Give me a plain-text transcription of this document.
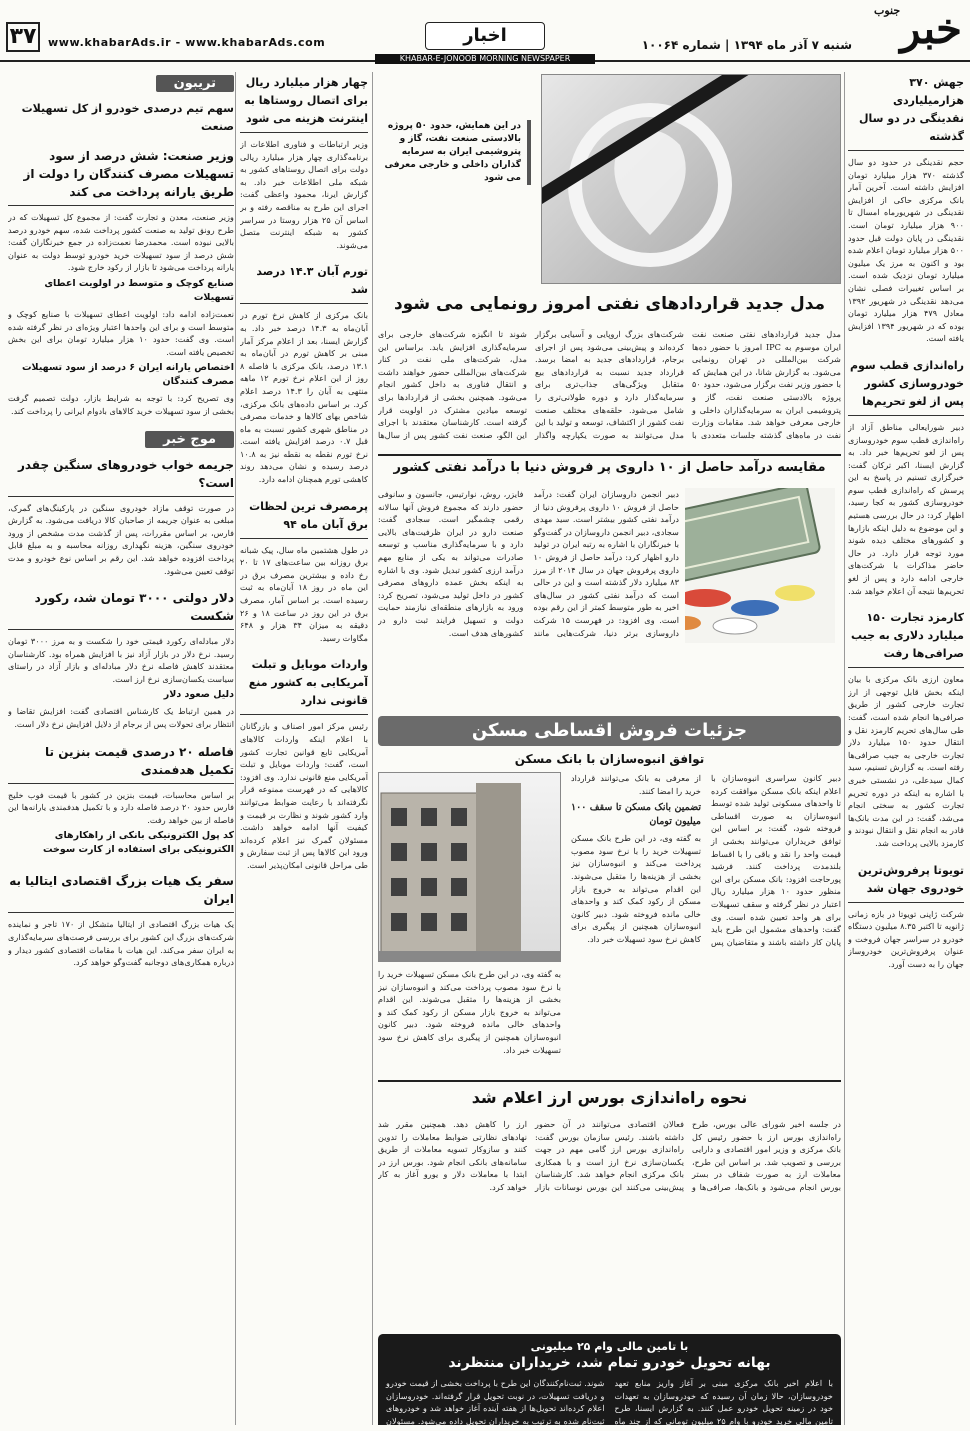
خبر$^{جنوب}$
شنبه ۷ آذر ماه ۱۳۹۴ | شماره ۱۰۰۶۴
اخبار
KHABAR-E-JONOOB MORNING NEWSPAPER
www.khabarAds.ir - www.khabarAds.com
۳۷
جهش ۳۷۰ هزارمیلیاردی نقدینگی در دو سال گذشته
حجم نقدینگی در حدود دو سال گذشته ۳۷۰ هزار میلیارد تومان افزایش داشته است. آخرین آمار بانک مرکزی حاکی از افزایش نقدینگی در شهریورماه امسال تا ۹۰۰ هزار میلیارد تومان است. نقدینگی در پایان دولت قبل حدود ۵۰۰ هزار میلیارد تومان اعلام شده بود و اکنون به مرز یک میلیون میلیارد تومان نزدیک شده است. بر اساس تغییرات فصلی نشان می‌دهد نقدینگی در شهریور ۱۳۹۲ معادل ۴۷۹ هزار میلیارد تومان بوده که در شهریور ۱۳۹۴ افزایش یافته است.
راه‌اندازی قطب سوم خودروسازی کشور پس از لغو تحریم‌ها
دبیر شورایعالی مناطق آزاد از راه‌اندازی قطب سوم خودروسازی پس از لغو تحریم‌ها خبر داد. به گزارش ایسنا، اکبر ترکان گفت: خبرگزاری تسنیم در پاسخ به این پرسش که راه‌اندازی قطب سوم خودروسازی کشور به کجا رسید، اظهار کرد: در حال بررسی هستیم و این موضوع به دلیل اینکه بازارها و کشورهای مختلف دیده شوند مورد توجه قرار دارد. در حال حاضر مذاکرات با شرکت‌های خارجی ادامه دارد و پس از لغو تحریم‌ها نتیجه آن اعلام خواهد شد.
کارمزد تجارت ۱۵۰ میلیارد دلاری به جیب صرافی‌ها رفت
معاون ارزی بانک مرکزی با بیان اینکه بخش قابل توجهی از ارز تجارت خارجی کشور از طریق صرافی‌ها انجام شده است، گفت: طی سال‌های تحریم کارمزد نقل و انتقال حدود ۱۵۰ میلیارد دلار تجارت خارجی به جیب صرافی‌ها رفته است. به گزارش تسنیم، سید کمال سیدعلی، در نشستی خبری با اشاره به اینکه در دوره تحریم تجارت کشور به سختی انجام می‌شد، گفت: در این مدت بانک‌ها قادر به انجام نقل و انتقال نبودند و کارمزد بالایی پرداخت شد.
تویوتا پرفروش‌ترین خودروی جهان شد
شرکت ژاپنی تویوتا در بازه زمانی ژانویه تا اکتبر ۸.۳۵ میلیون دستگاه خودرو در سراسر جهان فروخت و عنوان پرفروش‌ترین خودروساز جهان را به دست آورد.
در این همایش، حدود ۵۰ پروژه بالادستی صنعت نفت، گاز و پتروشیمی ایران به سرمایه گذاران داخلی و خارجی معرفی می شود
مدل جدید قراردادهای نفتی امروز رونمایی می شود
مدل جدید قراردادهای نفتی صنعت نفت ایران موسوم به IPC امروز با حضور ده‌ها شرکت بین‌المللی در تهران رونمایی می‌شود. به گزارش شانا، در این همایش که با حضور وزیر نفت برگزار می‌شود، حدود ۵۰ پروژه بالادستی صنعت نفت، گاز و پتروشیمی ایران به سرمایه‌گذاران داخلی و خارجی معرفی خواهد شد. مقامات وزارت نفت در ماه‌های گذشته جلسات متعددی با شرکت‌های بزرگ اروپایی و آسیایی برگزار کرده‌اند و پیش‌بینی می‌شود پس از اجرای برجام، قراردادهای جدید به امضا برسد. قرارداد جدید نسبت به قراردادهای بیع متقابل ویژگی‌های جذاب‌تری برای سرمایه‌گذار دارد و دوره طولانی‌تری را شامل می‌شود. حلقه‌های مختلف صنعت نفت کشور از اکتشاف، توسعه و تولید با این مدل می‌توانند به صورت یکپارچه واگذار شوند تا انگیزه شرکت‌های خارجی برای سرمایه‌گذاری افزایش یابد. براساس این مدل، شرکت‌های ملی نفت در کنار شرکت‌های بین‌المللی حضور خواهند داشت و انتقال فناوری به داخل کشور انجام می‌شود. همچنین بخشی از قراردادها برای توسعه میادین مشترک در اولویت قرار گرفته است. کارشناسان معتقدند با اجرای این الگو، صنعت نفت کشور پس از سال‌ها
مقایسه درآمد حاصل از ۱۰ داروی پر فروش دنیا با درآمد نفتی کشور
دبیر انجمن داروسازان ایران گفت: درآمد حاصل از فروش ۱۰ داروی پرفروش دنیا از درآمد نفتی کشور بیشتر است. سید مهدی سجادی، دبیر انجمن داروسازان در گفت‌وگو با خبرنگاران با اشاره به رتبه ایران در تولید دارو اظهار کرد: درآمد حاصل از فروش ۱۰ داروی پرفروش جهان در سال ۲۰۱۴ از مرز ۸۳ میلیارد دلار گذشته است و این در حالی است که درآمد نفتی کشور در سال‌های اخیر به طور متوسط کمتر از این رقم بوده است. وی افزود: در فهرست ۱۵ شرکت داروسازی برتر دنیا، شرکت‌هایی مانند فایزر، روش، نوارتیس، جانسون و سانوفی حضور دارند که مجموع فروش آنها سالانه رقمی چشمگیر است. سجادی گفت: صنعت دارو در ایران ظرفیت‌های بالایی دارد و با سرمایه‌گذاری مناسب و توسعه صادرات می‌تواند به یکی از منابع مهم درآمد ارزی کشور تبدیل شود. وی با اشاره به اینکه بخش عمده داروهای مصرفی کشور در داخل تولید می‌شود، تصریح کرد: ورود به بازارهای منطقه‌ای نیازمند حمایت دولت و تسهیل فرایند ثبت دارو در کشورهای هدف است.
جزئیات فروش اقساطی مسکن
توافق انبوه‌سازان با بانک مسکن

دبیر کانون سراسری انبوه‌سازان با اعلام اینکه بانک مسکن موافقت کرده تا واحدهای مسکونی تولید شده توسط انبوه‌سازان به صورت اقساطی فروخته شود، گفت: بر اساس این توافق خریداران می‌توانند بخشی از قیمت واحد را نقد و باقی را با اقساط بلندمدت پرداخت کنند. فرشید پورحاجت افزود: بانک مسکن برای این منظور حدود ۱۰ هزار میلیارد ریال اعتبار در نظر گرفته و سقف تسهیلات برای هر واحد تعیین شده است. وی گفت: واحدهای مشمول این طرح باید پایان کار داشته باشند و متقاضیان پس از معرفی به بانک می‌توانند قرارداد خرید را امضا کنند.

تضمین بانک مسکن تا سقف ۱۰۰ میلیون تومان

به گفته وی، در این طرح بانک مسکن تسهیلات خرید را با نرخ سود مصوب پرداخت می‌کند و انبوه‌سازان نیز بخشی از هزینه‌ها را متقبل می‌شوند. این اقدام می‌تواند به خروج بازار مسکن از رکود کمک کند و واحدهای خالی مانده فروخته شود. دبیر کانون انبوه‌سازان همچنین از پیگیری برای کاهش نرخ سود تسهیلات خبر داد.

به گفته وی، در این طرح بانک مسکن تسهیلات خرید را با نرخ سود مصوب پرداخت می‌کند و انبوه‌سازان نیز بخشی از هزینه‌ها را متقبل می‌شوند. این اقدام می‌تواند به خروج بازار مسکن از رکود کمک کند و واحدهای خالی مانده فروخته شود. دبیر کانون انبوه‌سازان همچنین از پیگیری برای کاهش نرخ سود تسهیلات خبر داد.
نحوه راه‌اندازی بورس ارز اعلام شد
در جلسه اخیر شورای عالی بورس، طرح راه‌اندازی بورس ارز با حضور رئیس کل بانک مرکزی و وزیر امور اقتصادی و دارایی بررسی و تصویب شد. بر اساس این طرح، معاملات ارز به صورت شفاف در بستر بورس انجام می‌شود و بانک‌ها، صرافی‌ها و فعالان اقتصادی می‌توانند در آن حضور داشته باشند. رئیس سازمان بورس گفت: راه‌اندازی بورس ارز گامی مهم در جهت یکسان‌سازی نرخ ارز است و با همکاری بانک مرکزی انجام خواهد شد. کارشناسان پیش‌بینی می‌کنند این بورس نوسانات بازار ارز را کاهش دهد. همچنین مقرر شد نهادهای نظارتی ضوابط معاملات را تدوین کنند و سازوکار تسویه معاملات از طریق سامانه‌های بانکی انجام شود. بورس ارز در ابتدا با معاملات دلار و یورو آغاز به کار خواهد کرد.
با تامین مالی وام ۲۵ میلیونی
بهانه تحویل خودرو تمام شد، خریداران منتظرند
با اعلام اخیر بانک مرکزی مبنی بر آغاز واریز منابع تعهد خودروسازان، حالا زمان آن رسیده که خودروسازان به تعهدات خود در زمینه تحویل خودرو عمل کنند. به گزارش ایسنا، طرح تامین مالی خرید خودرو با وام ۲۵ میلیون تومانی که از چند ماه شوند. ثبت‌نام‌کنندگان این طرح با پرداخت بخشی از قیمت خودرو و دریافت تسهیلات، در نوبت تحویل قرار گرفته‌اند. خودروسازان اعلام کرده‌اند تحویل‌ها از هفته آینده آغاز خواهد شد و خودروهای ثبت‌نام شده به ترتیب به خریداران تحویل داده می‌شود. مسئولان
تریبون
سهم تیم درصدی خودرو از کل تسهیلات صنعت
وزیر صنعت: شش درصد از سود تسهیلات مصرف کنندگان را دولت از طریق یارانه پرداخت می کند
وزیر صنعت، معدن و تجارت گفت: از مجموع کل تسهیلات که در طرح رونق تولید به صنعت کشور پرداخت شده، سهم خودرو درصد بالایی نبوده است. محمدرضا نعمت‌زاده در جمع خبرنگاران گفت: شش درصد از سود تسهیلات خرید خودرو توسط دولت به عنوان یارانه پرداخت می‌شود تا بازار از رکود خارج شود.
صنایع کوچک و متوسط در اولویت اعطای تسهیلات
نعمت‌زاده ادامه داد: اولویت اعطای تسهیلات با صنایع کوچک و متوسط است و برای این واحدها اعتبار ویژه‌ای در نظر گرفته شده است. وی گفت: حدود ۱۰ هزار میلیارد تومان برای این بخش تخصیص یافته است.
اختصاص یارانه ایران ۶ درصد از سود تسهیلات مصرف کنندگان
وی تصریح کرد: با توجه به شرایط بازار، دولت تصمیم گرفت بخشی از سود تسهیلات خرید کالاهای بادوام ایرانی را پرداخت کند.
موج خبر
جریمه خواب خودروهای سنگین چقدر است؟
در صورت توقف مازاد خودروی سنگین در پارکینگ‌های گمرک، مبلغی به عنوان جریمه از صاحبان کالا دریافت می‌شود. به گزارش فارس، بر اساس مقررات، پس از گذشت مدت مشخص از ورود خودروی سنگین، هزینه نگهداری روزانه محاسبه و به مبلغ قابل پرداخت افزوده خواهد شد. این رقم بر اساس نوع خودرو و مدت توقف تعیین می‌شود.
دلار دولتی ۳۰۰۰ تومان شد، رکورد شکست
دلار مبادله‌ای رکورد قیمتی خود را شکست و به مرز ۳۰۰۰ تومان رسید. نرخ دلار در بازار آزاد نیز با افزایش همراه بود. کارشناسان معتقدند کاهش فاصله نرخ دلار مبادله‌ای و بازار آزاد در راستای سیاست یکسان‌سازی نرخ ارز است.
دلیل صعود دلار
در همین ارتباط یک کارشناس اقتصادی گفت: افزایش تقاضا و انتظار برای تحولات پس از برجام از دلایل افزایش نرخ دلار است.
فاصله ۲۰ درصدی قیمت بنزین تا تکمیل هدفمندی
بر اساس محاسبات، قیمت بنزین در کشور با قیمت فوب خلیج فارس حدود ۲۰ درصد فاصله دارد و با تکمیل هدفمندی یارانه‌ها این فاصله از بین خواهد رفت.
کد پول الکترونیکی بانکی از راهکارهای الکترونیکی برای استفاده از کارت سوخت
سفر یک هیات بزرگ اقتصادی ایتالیا به ایران
یک هیات بزرگ اقتصادی از ایتالیا متشکل از ۱۷۰ تاجر و نماینده شرکت‌های بزرگ این کشور برای بررسی فرصت‌های سرمایه‌گذاری به ایران سفر می‌کند. این هیات با مقامات اقتصادی کشور دیدار و درباره همکاری‌های دوجانبه گفت‌وگو خواهد کرد.
چهار هزار میلیارد ریال برای اتصال روستاها به اینترنت هزینه می شود
وزیر ارتباطات و فناوری اطلاعات از برنامه‌گذاری چهار هزار میلیارد ریالی دولت برای اتصال روستاهای کشور به شبکه ملی اطلاعات خبر داد. به گزارش ایرنا، محمود واعظی گفت: اجرای این طرح به مناقصه رفته و بر اساس آن ۲۵ هزار روستا در سراسر کشور به شبکه اینترنت متصل می‌شوند.
تورم آبان ۱۴.۳ درصد شد
بانک مرکزی از کاهش نرخ تورم در آبان‌ماه به ۱۴.۳ درصد خبر داد. به گزارش ایسنا، بعد از اعلام مرکز آمار مبنی بر کاهش تورم در آبان‌ماه به ۱۳.۱ درصد، بانک مرکزی با فاصله ۸ روز از این اعلام نرخ تورم ۱۲ ماهه منتهی به آبان را ۱۴.۳ درصد اعلام کرد. بر اساس داده‌های بانک مرکزی، شاخص بهای کالاها و خدمات مصرفی در مناطق شهری کشور نسبت به ماه قبل ۰.۷ درصد افزایش یافته است. نرخ تورم نقطه به نقطه نیز به ۱۰.۸ درصد رسیده و نشان می‌دهد روند کاهشی تورم همچنان ادامه دارد.
پرمصرف ترین لحظات برق آبان ماه ۹۴
در طول هشتمین ماه سال، پیک شبانه برق روزانه بین ساعت‌های ۱۷ تا ۲۰ رخ داده و بیشترین مصرف برق در این ماه در روز ۱۸ آبان‌ماه به ثبت رسیده است. بر اساس آمار، مصرف برق در این روز در ساعت ۱۸ و ۲۶ دقیقه به میزان ۳۴ هزار و ۶۴۸ مگاوات رسید.
واردات موبایل و تبلت آمریکایی به کشور منع قانونی ندارد
رئیس مرکز امور اصناف و بازرگانان با اعلام اینکه واردات کالاهای آمریکایی تابع قوانین تجارت کشور است، گفت: واردات موبایل و تبلت آمریکایی منع قانونی ندارد. وی افزود: کالاهایی که در فهرست ممنوعه قرار نگرفته‌اند با رعایت ضوابط می‌توانند وارد کشور شوند و نظارت بر قیمت و کیفیت آنها ادامه خواهد داشت. مسئولان گمرک نیز اعلام کرده‌اند ورود این کالاها پس از ثبت سفارش و طی مراحل قانونی امکان‌پذیر است.
